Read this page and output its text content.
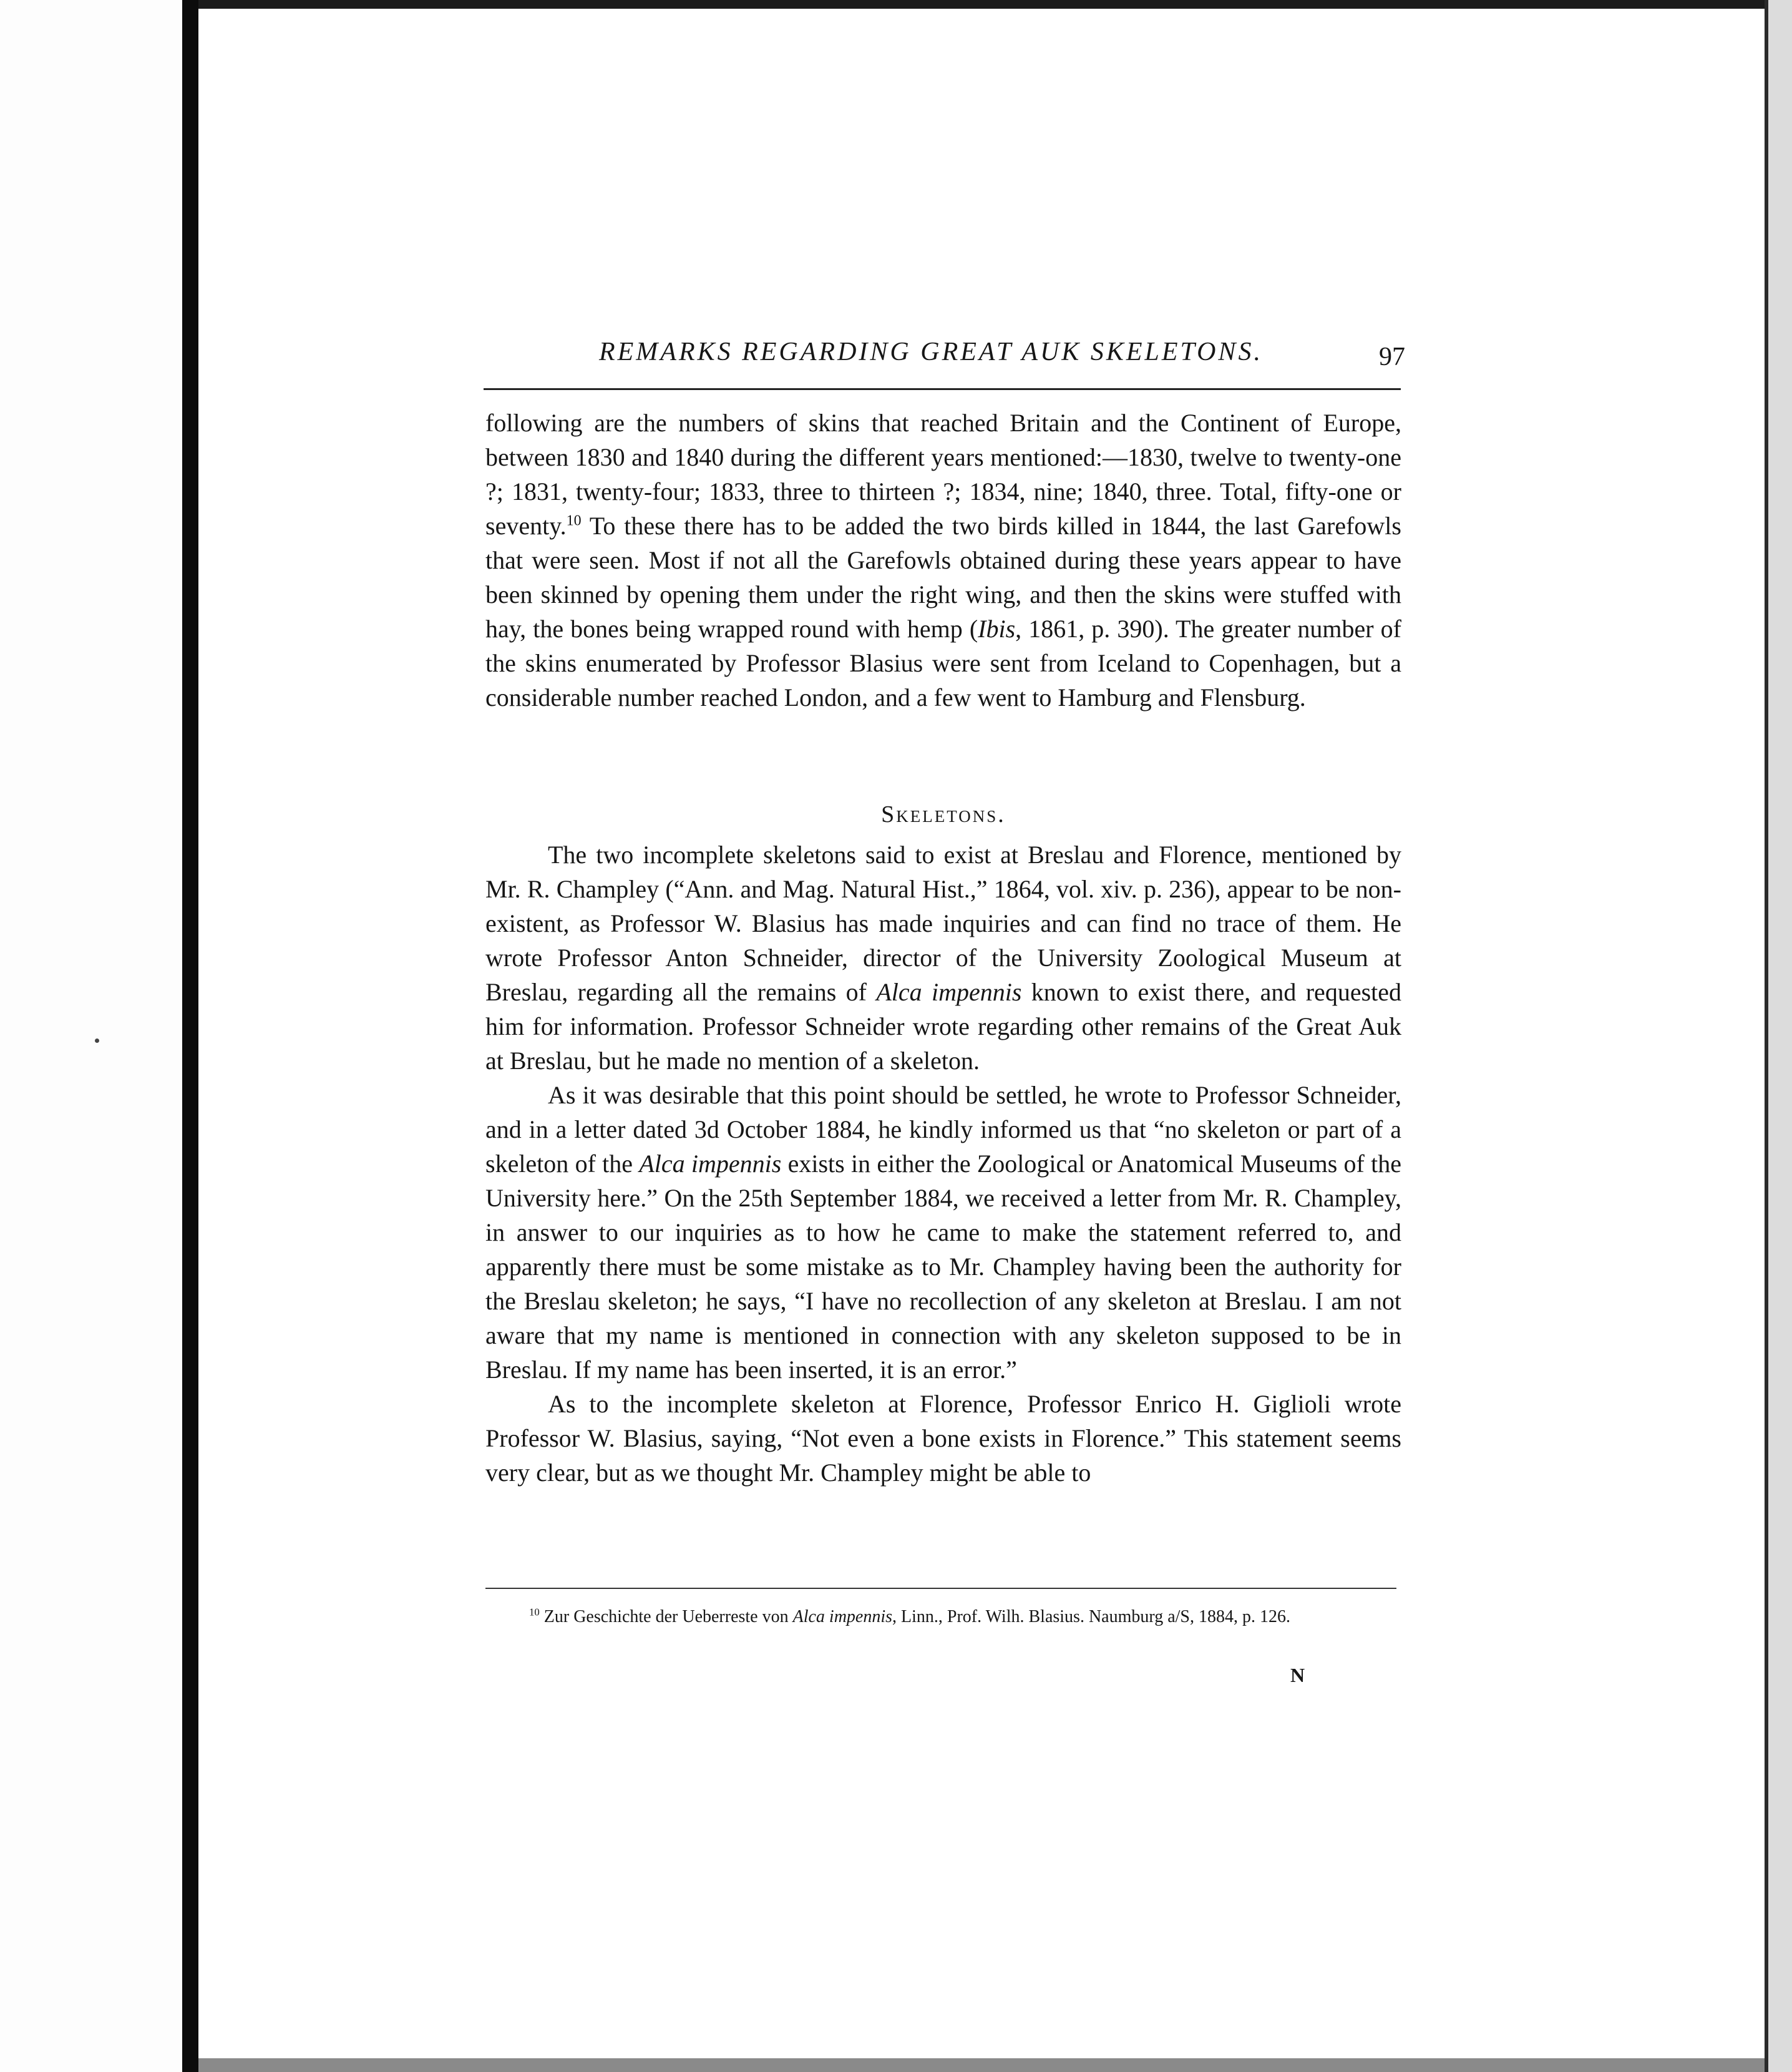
REMARKS REGARDING GREAT AUK SKELETONS.	97

following are the numbers of skins that reached Britain and the Continent of Europe, between 1830 and 1840 during the different years mentioned:—1830, twelve to twenty-one ?; 1831, twenty-four; 1833, three to thirteen ?; 1834, nine; 1840, three. Total, fifty-one or seventy.$^{10}$ To these there has to be added the two birds killed in 1844, the last Garefowls that were seen. Most if not all the Garefowls obtained during these years appear to have been skinned by opening them under the right wing, and then the skins were stuffed with hay, the bones being wrapped round with hemp (Ibis, 1861, p. 390). The greater number of the skins enumerated by Professor Blasius were sent from Iceland to Copenhagen, but a considerable number reached London, and a few went to Hamburg and Flensburg.

Skeletons.

The two incomplete skeletons said to exist at Breslau and Florence, mentioned by Mr. R. Champley (“Ann. and Mag. Natural Hist.,” 1864, vol. xiv. p. 236), appear to be non-existent, as Professor W. Blasius has made inquiries and can find no trace of them. He wrote Professor Anton Schneider, director of the University Zoological Museum at Breslau, regarding all the remains of Alca impennis known to exist there, and requested him for information. Professor Schneider wrote regarding other remains of the Great Auk at Breslau, but he made no mention of a skeleton.

As it was desirable that this point should be settled, he wrote to Professor Schneider, and in a letter dated 3d October 1884, he kindly informed us that “no skeleton or part of a skeleton of the Alca impennis exists in either the Zoological or Anatomical Museums of the University here.” On the 25th September 1884, we received a letter from Mr. R. Champley, in answer to our inquiries as to how he came to make the statement referred to, and apparently there must be some mistake as to Mr. Champley having been the authority for the Breslau skeleton; he says, “I have no recollection of any skeleton at Breslau. I am not aware that my name is mentioned in connection with any skeleton supposed to be in Breslau. If my name has been inserted, it is an error.”

As to the incomplete skeleton at Florence, Professor Enrico H. Giglioli wrote Professor W. Blasius, saying, “Not even a bone exists in Florence.” This statement seems very clear, but as we thought Mr. Champley might be able to

$^{10}$ Zur Geschichte der Ueberreste von Alca impennis, Linn., Prof. Wilh. Blasius. Naumburg a/S, 1884, p. 126.

N
